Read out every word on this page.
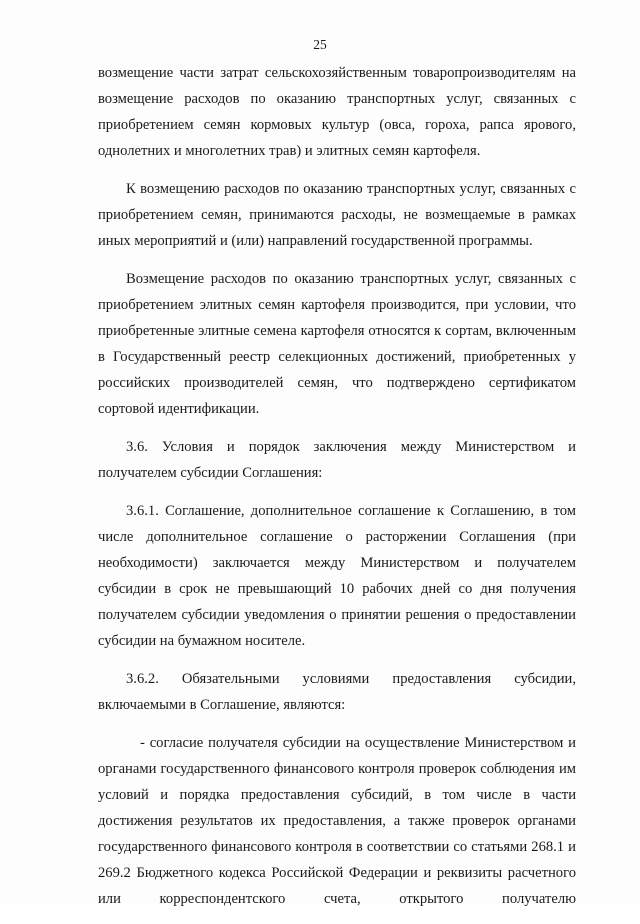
25

возмещение части затрат сельскохозяйственным товаропроизводителям на возмещение расходов по оказанию транспортных услуг, связанных с приобретением семян кормовых культур (овса, гороха, рапса ярового, однолетних и многолетних трав) и элитных семян картофеля.

К возмещению расходов по оказанию транспортных услуг, связанных с приобретением семян, принимаются расходы, не возмещаемые в рамках иных мероприятий и (или) направлений государственной программы.

Возмещение расходов по оказанию транспортных услуг, связанных с приобретением элитных семян картофеля производится, при условии, что приобретенные элитные семена картофеля относятся к сортам, включенным в Государственный реестр селекционных достижений, приобретенных у российских производителей семян, что подтверждено сертификатом сортовой идентификации.

3.6. Условия и порядок заключения между Министерством и получателем субсидии Соглашения:

3.6.1. Соглашение, дополнительное соглашение к Соглашению, в том числе дополнительное соглашение о расторжении Соглашения (при необходимости) заключается между Министерством и получателем субсидии в срок не превышающий 10 рабочих дней со дня получения получателем субсидии уведомления о принятии решения о предоставлении субсидии на бумажном носителе.

3.6.2. Обязательными условиями предоставления субсидии, включаемыми в Соглашение, являются:

- согласие получателя субсидии на осуществление Министерством и органами государственного финансового контроля проверок соблюдения им условий и порядка предоставления субсидий, в том числе в части достижения результатов их предоставления, а также проверок органами государственного финансового контроля в соответствии со статьями 268.1 и 269.2 Бюджетного кодекса Российской Федерации и реквизиты расчетного или корреспондентского счета, открытого получателю
